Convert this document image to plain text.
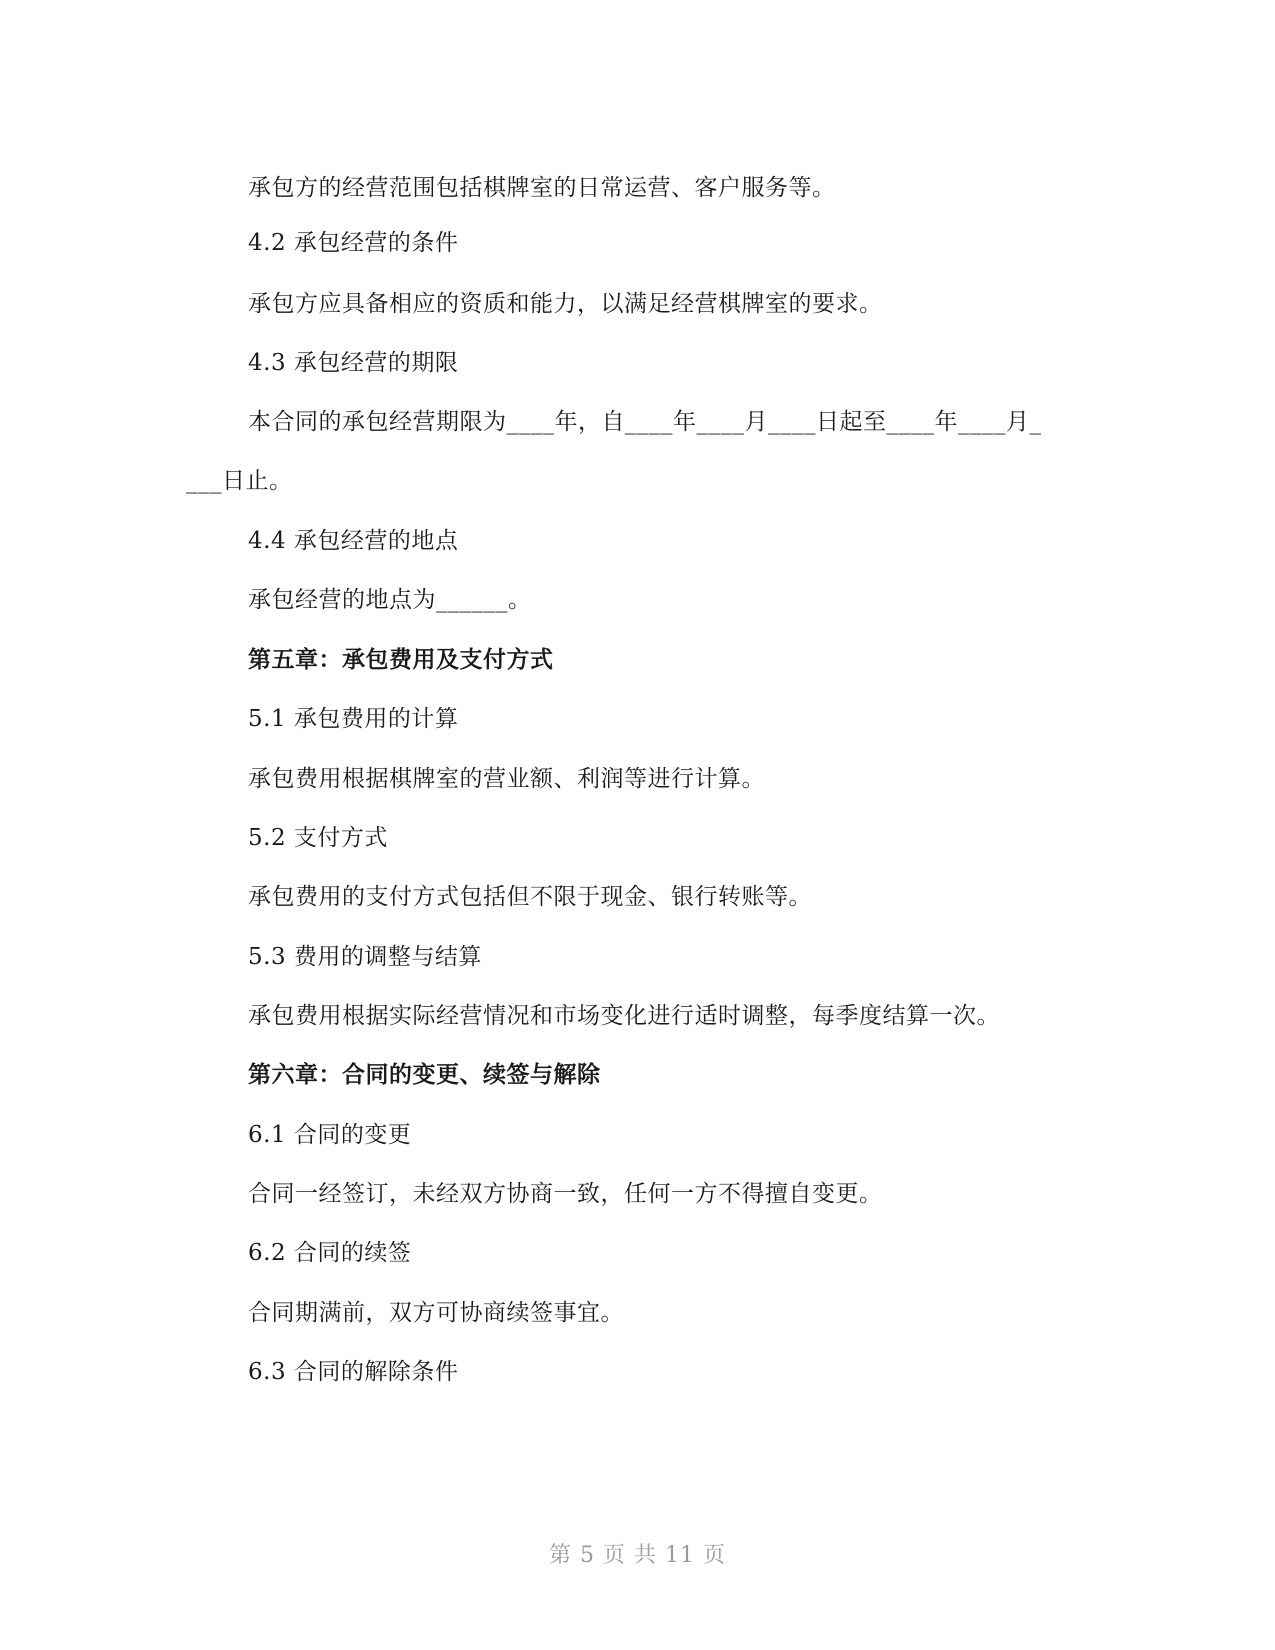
承包方的经营范围包括棋牌室的日常运营、客户服务等。
4.2 承包经营的条件
承包方应具备相应的资质和能力，以满足经营棋牌室的要求。
4.3 承包经营的期限
本合同的承包经营期限为____年，自____年____月____日起至____年____月_
___日止。
4.4 承包经营的地点
承包经营的地点为______。
第五章：承包费用及支付方式
5.1 承包费用的计算
承包费用根据棋牌室的营业额、利润等进行计算。
5.2 支付方式
承包费用的支付方式包括但不限于现金、银行转账等。
5.3 费用的调整与结算
承包费用根据实际经营情况和市场变化进行适时调整，每季度结算一次。
第六章：合同的变更、续签与解除
6.1 合同的变更
合同一经签订，未经双方协商一致，任何一方不得擅自变更。
6.2 合同的续签
合同期满前，双方可协商续签事宜。
6.3 合同的解除条件
第 5 页 共 11 页
